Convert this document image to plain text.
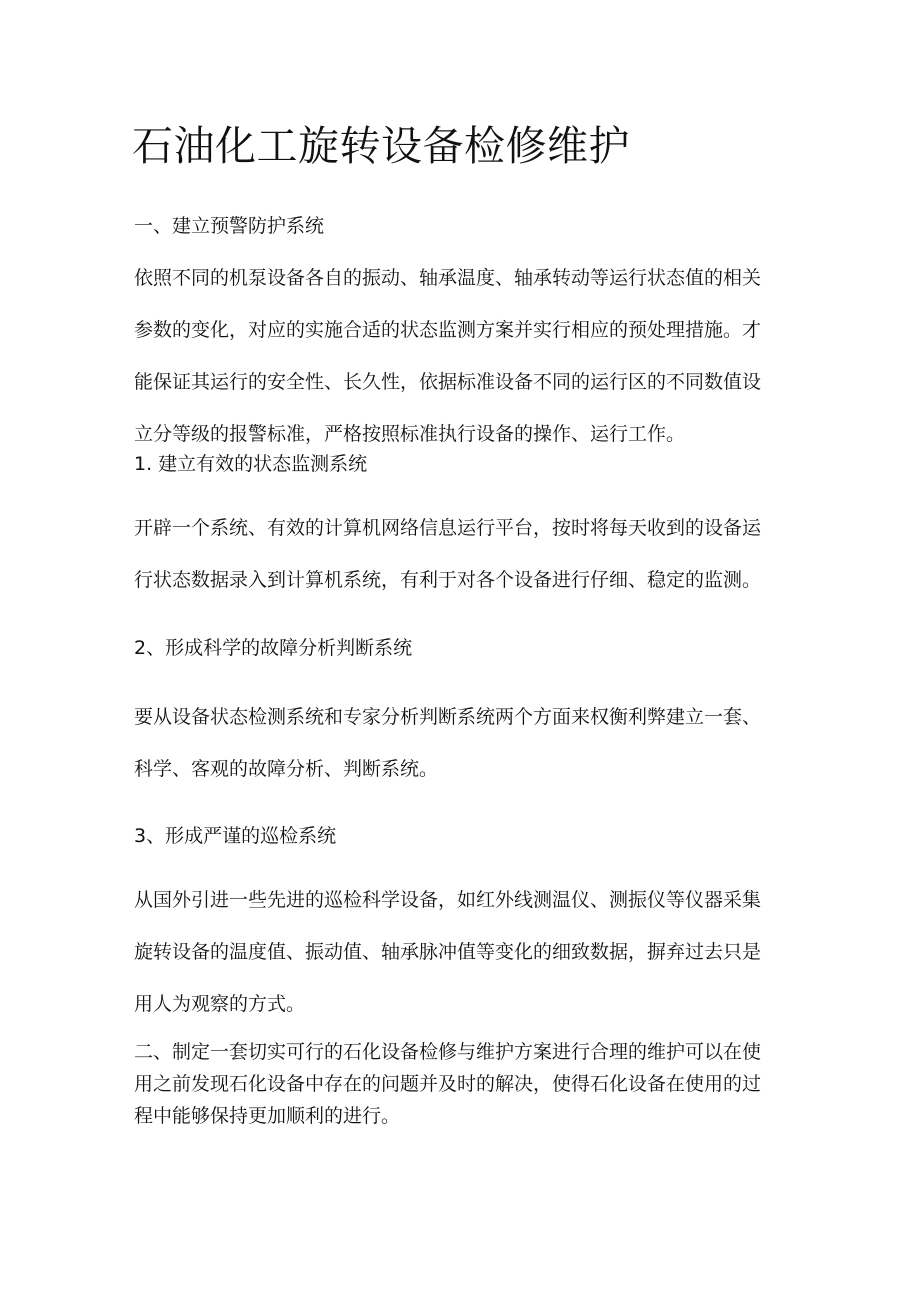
石油化工旋转设备检修维护

一、建立预警防护系统

依照不同的机泵设备各自的振动、轴承温度、轴承转动等运行状态值的相关
参数的变化，对应的实施合适的状态监测方案并实行相应的预处理措施。才
能保证其运行的安全性、长久性，依据标准设备不同的运行区的不同数值设
立分等级的报警标准，严格按照标准执行设备的操作、运行工作。

1. 建立有效的状态监测系统

开辟一个系统、有效的计算机网络信息运行平台，按时将每天收到的设备运
行状态数据录入到计算机系统，有利于对各个设备进行仔细、稳定的监测。

2、形成科学的故障分析判断系统

要从设备状态检测系统和专家分析判断系统两个方面来权衡利弊建立一套、
科学、客观的故障分析、判断系统。

3、形成严谨的巡检系统

从国外引进一些先进的巡检科学设备，如红外线测温仪、测振仪等仪器采集
旋转设备的温度值、振动值、轴承脉冲值等变化的细致数据，摒弃过去只是
用人为观察的方式。

二、制定一套切实可行的石化设备检修与维护方案进行合理的维护可以在使
用之前发现石化设备中存在的问题并及时的解决，使得石化设备在使用的过
程中能够保持更加顺利的进行。
